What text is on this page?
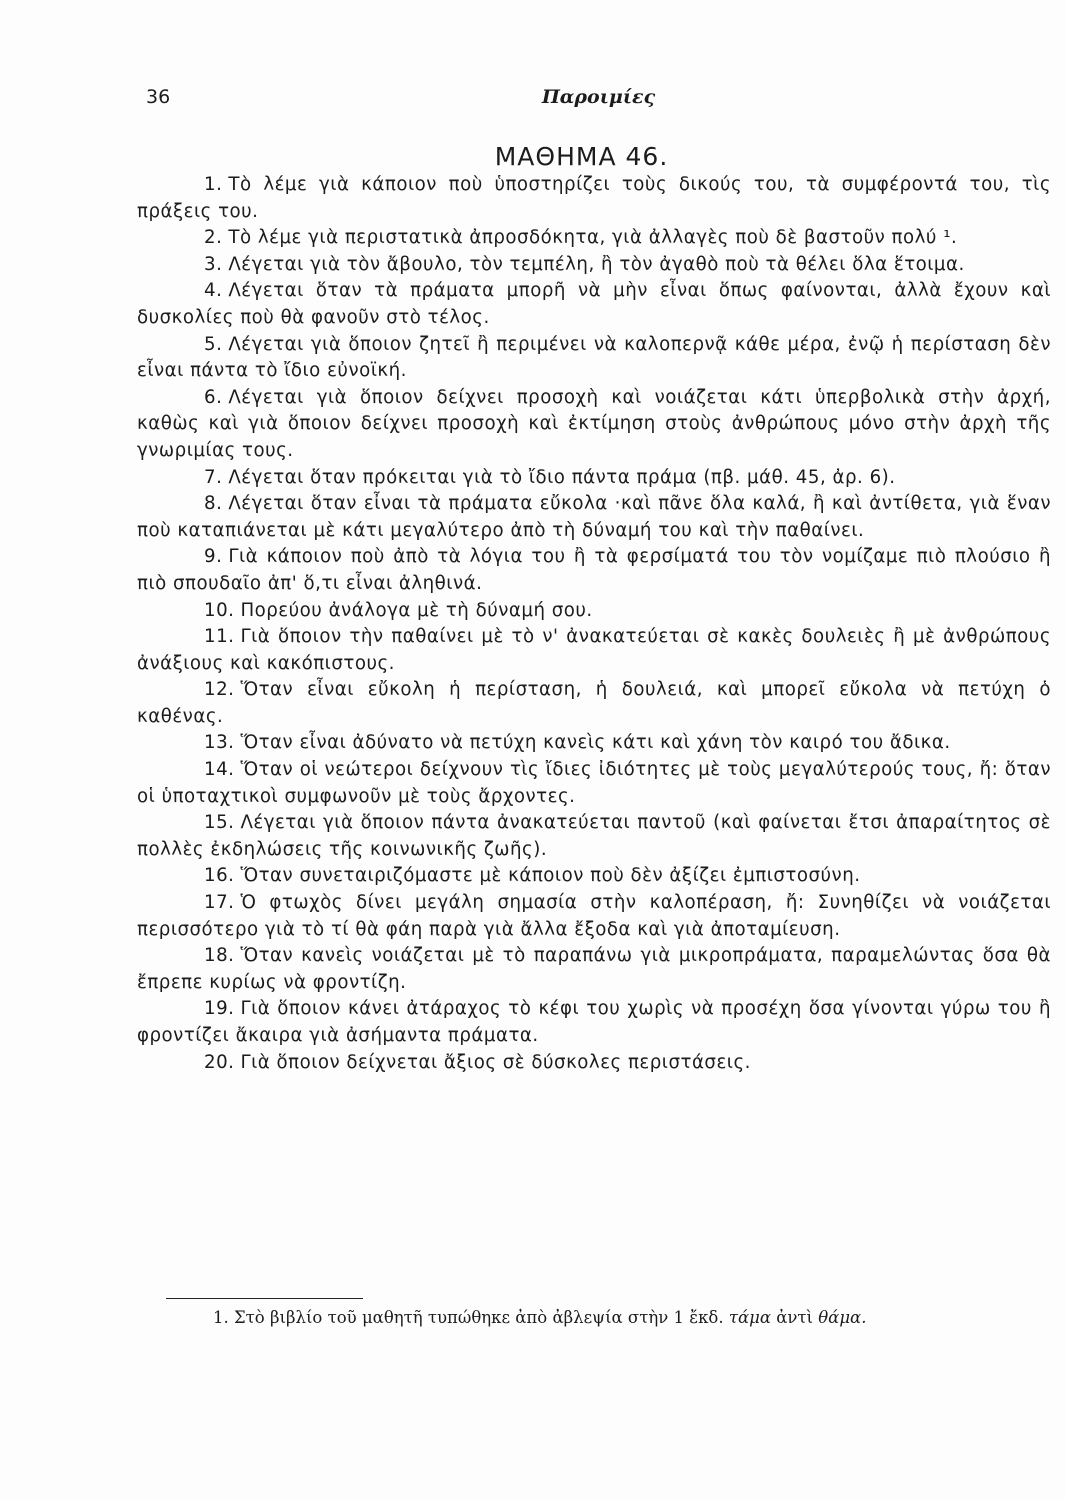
36	Παροιμίες
ΜΑΘΗΜΑ 46.

1. Τὸ λέμε γιὰ κάποιον ποὺ ὑποστηρίζει τοὺς δικούς του, τὰ συμφέροντά του, τὶς πράξεις του.

2. Τὸ λέμε γιὰ περιστατικὰ ἀπροσδόκητα, γιὰ ἀλλαγὲς ποὺ δὲ βαστοῦν πολύ ¹.

3. Λέγεται γιὰ τὸν ἄβουλο, τὸν τεμπέλη, ἢ τὸν ἀγαθὸ ποὺ τὰ θέλει ὅλα ἕτοιμα.

4. Λέγεται ὅταν τὰ πράματα μπορῆ νὰ μὴν εἶναι ὅπως φαίνονται, ἀλλὰ ἔχουν καὶ δυσκολίες ποὺ θὰ φανοῦν στὸ τέλος.

5. Λέγεται γιὰ ὅποιον ζητεῖ ἢ περιμένει νὰ καλοπερνᾷ κάθε μέρα, ἐνῷ ἡ περίσταση δὲν εἶναι πάντα τὸ ἴδιο εὐνοϊκή.

6. Λέγεται γιὰ ὅποιον δείχνει προσοχὴ καὶ νοιάζεται κάτι ὑπερβολικὰ στὴν ἀρχή, καθὼς καὶ γιὰ ὅποιον δείχνει προσοχὴ καὶ ἐκτίμηση στοὺς ἀνθρώπους μόνο στὴν ἀρχὴ τῆς γνωριμίας τους.

7. Λέγεται ὅταν πρόκειται γιὰ τὸ ἴδιο πάντα πράμα (πβ. μάθ. 45, ἀρ. 6).

8. Λέγεται ὅταν εἶναι τὰ πράματα εὔκολα ·καὶ πᾶνε ὅλα καλά, ἢ καὶ ἀντίθετα, γιὰ ἕναν ποὺ καταπιάνεται μὲ κάτι μεγαλύτερο ἀπὸ τὴ δύναμή του καὶ τὴν παθαίνει.

9. Γιὰ κάποιον ποὺ ἀπὸ τὰ λόγια του ἢ τὰ φερσίματά του τὸν νομίζαμε πιὸ πλούσιο ἢ πιὸ σπουδαῖο ἀπ' ὅ,τι εἶναι ἀληθινά.

10. Πορεύου ἀνάλογα μὲ τὴ δύναμή σου.

11. Γιὰ ὅποιον τὴν παθαίνει μὲ τὸ ν' ἀνακατεύεται σὲ κακὲς δουλειὲς ἢ μὲ ἀνθρώπους ἀνάξιους καὶ κακόπιστους.

12. Ὅταν εἶναι εὔκολη ἡ περίσταση, ἡ δουλειά, καὶ μπορεῖ εὔκολα νὰ πετύχη ὁ καθένας.

13. Ὅταν εἶναι ἀδύνατο νὰ πετύχη κανεὶς κάτι καὶ χάνη τὸν καιρό του ἄδικα.

14. Ὅταν οἱ νεώτεροι δείχνουν τὶς ἴδιες ἰδιότητες μὲ τοὺς μεγαλύτερούς τους, ἤ: ὅταν οἱ ὑποταχτικοὶ συμφωνοῦν μὲ τοὺς ἄρχοντες.

15. Λέγεται γιὰ ὅποιον πάντα ἀνακατεύεται παντοῦ (καὶ φαίνεται ἔτσι ἀπαραίτητος σὲ πολλὲς ἐκδηλώσεις τῆς κοινωνικῆς ζωῆς).

16. Ὅταν συνεταιριζόμαστε μὲ κάποιον ποὺ δὲν ἀξίζει ἐμπιστοσύνη.

17. Ὁ φτωχὸς δίνει μεγάλη σημασία στὴν καλοπέραση, ἤ: Συνηθίζει νὰ νοιάζεται περισσότερο γιὰ τὸ τί θὰ φάη παρὰ γιὰ ἄλλα ἔξοδα καὶ γιὰ ἀποταμίευση.

18. Ὅταν κανεὶς νοιάζεται μὲ τὸ παραπάνω γιὰ μικροπράματα, παραμελώντας ὅσα θὰ ἔπρεπε κυρίως νὰ φροντίζη.

19. Γιὰ ὅποιον κάνει ἀτάραχος τὸ κέφι του χωρὶς νὰ προσέχη ὅσα γίνονται γύρω του ἢ φροντίζει ἄκαιρα γιὰ ἀσήμαντα πράματα.

20. Γιὰ ὅποιον δείχνεται ἄξιος σὲ δύσκολες περιστάσεις.

1. Στὸ βιβλίο τοῦ μαθητῆ τυπώθηκε ἀπὸ ἀβλεψία στὴν 1 ἔκδ. τάμα ἀντὶ θάμα.
